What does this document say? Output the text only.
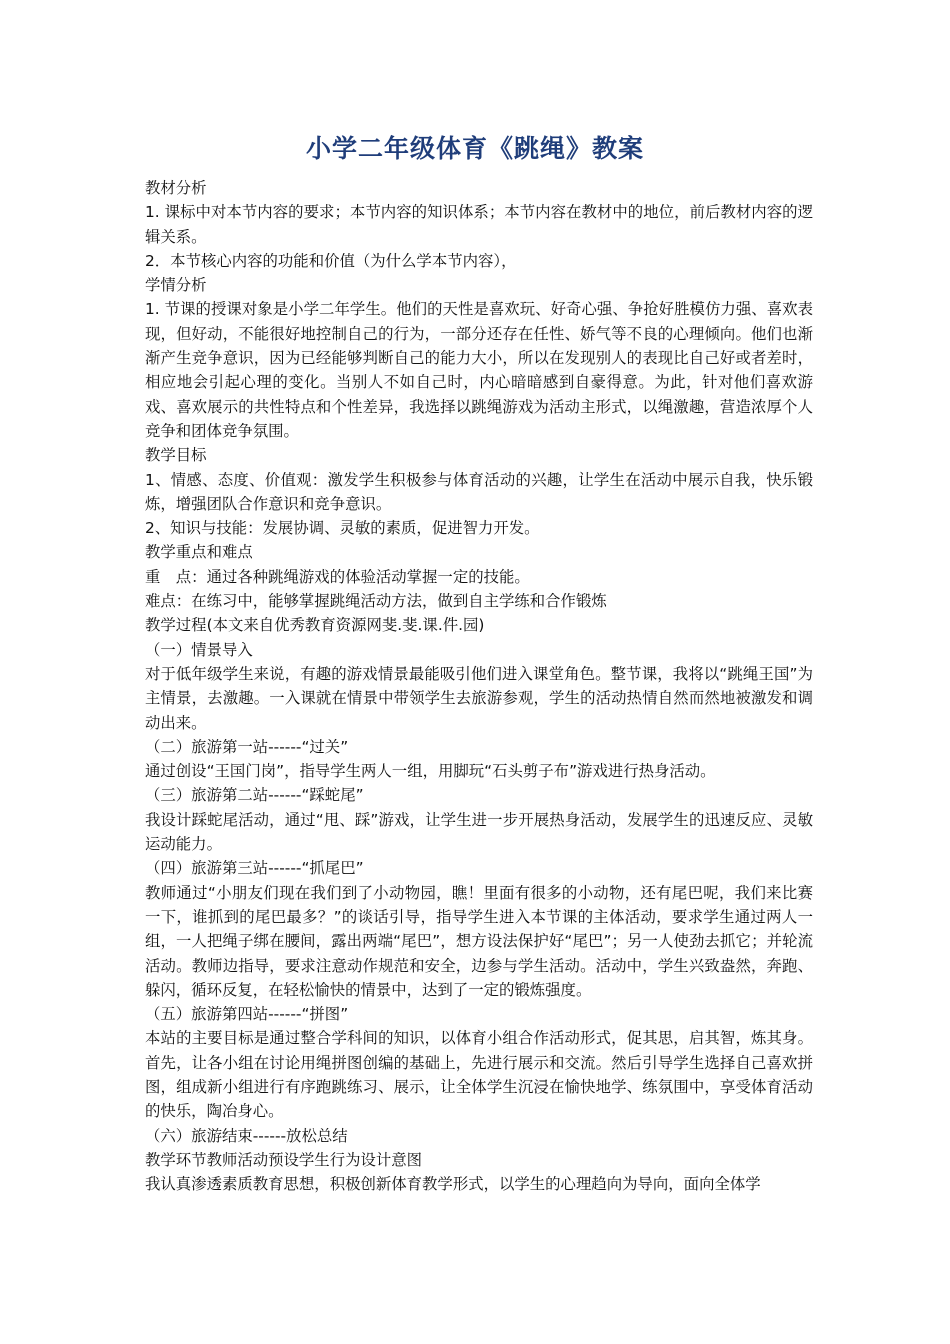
小学二年级体育《跳绳》教案

教材分析

1. 课标中对本节内容的要求；本节内容的知识体系；本节内容在教材中的地位，前后教材内容的逻辑关系。

2．本节核心内容的功能和价值（为什么学本节内容），

学情分析

1. 节课的授课对象是小学二年学生。他们的天性是喜欢玩、好奇心强、争抢好胜模仿力强、喜欢表现，但好动，不能很好地控制自己的行为，一部分还存在任性、娇气等不良的心理倾向。他们也渐渐产生竞争意识，因为已经能够判断自己的能力大小，所以在发现别人的表现比自己好或者差时，相应地会引起心理的变化。当别人不如自己时，内心暗暗感到自豪得意。为此，针对他们喜欢游戏、喜欢展示的共性特点和个性差异，我选择以跳绳游戏为活动主形式，以绳激趣，营造浓厚个人竞争和团体竞争氛围。

教学目标

1、情感、态度、价值观：激发学生积极参与体育活动的兴趣，让学生在活动中展示自我，快乐锻炼，增强团队合作意识和竞争意识。

2、知识与技能：发展协调、灵敏的素质，促进智力开发。

教学重点和难点

重　点：通过各种跳绳游戏的体验活动掌握一定的技能。

难点：在练习中，能够掌握跳绳活动方法，做到自主学练和合作锻炼

教学过程(本文来自优秀教育资源网斐.斐.课.件.园)

（一）情景导入

对于低年级学生来说，有趣的游戏情景最能吸引他们进入课堂角色。整节课，我将以“跳绳王国”为主情景，去激趣。一入课就在情景中带领学生去旅游参观，学生的活动热情自然而然地被激发和调动出来。

（二）旅游第一站------“过关”

通过创设“王国门岗”，指导学生两人一组，用脚玩“石头剪子布”游戏进行热身活动。

（三）旅游第二站------“踩蛇尾”

我设计踩蛇尾活动，通过“甩、踩”游戏，让学生进一步开展热身活动，发展学生的迅速反应、灵敏运动能力。

（四）旅游第三站------“抓尾巴”

教师通过“小朋友们现在我们到了小动物园，瞧！里面有很多的小动物，还有尾巴呢，我们来比赛一下，谁抓到的尾巴最多？”的谈话引导，指导学生进入本节课的主体活动，要求学生通过两人一组，一人把绳子绑在腰间，露出两端“尾巴”，想方设法保护好“尾巴”；另一人使劲去抓它；并轮流活动。教师边指导，要求注意动作规范和安全，边参与学生活动。活动中，学生兴致盎然，奔跑、躲闪，循环反复，在轻松愉快的情景中，达到了一定的锻炼强度。

（五）旅游第四站------“拼图”

本站的主要目标是通过整合学科间的知识，以体育小组合作活动形式，促其思，启其智，炼其身。首先，让各小组在讨论用绳拼图创编的基础上，先进行展示和交流。然后引导学生选择自己喜欢拼图，组成新小组进行有序跑跳练习、展示，让全体学生沉浸在愉快地学、练氛围中，享受体育活动的快乐，陶冶身心。

（六）旅游结束------放松总结

教学环节教师活动预设学生行为设计意图

我认真渗透素质教育思想，积极创新体育教学形式，以学生的心理趋向为导向，面向全体学
